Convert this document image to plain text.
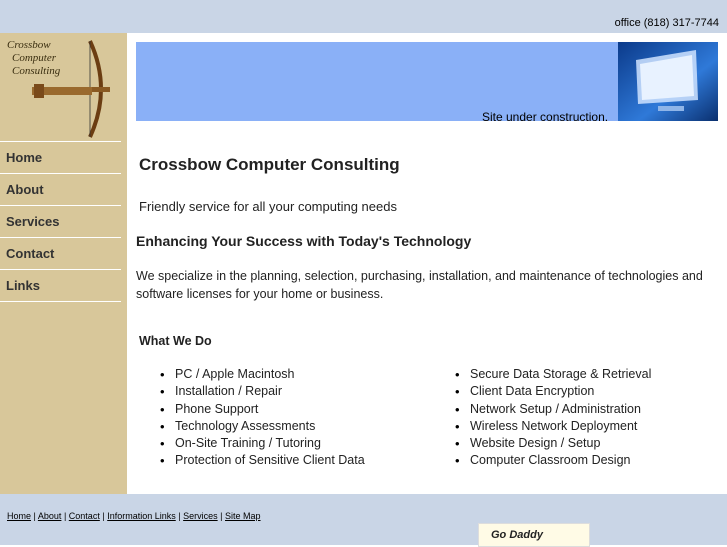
office (818) 317-7744
Crossbow
Computer
Consulting
Home
About
Services
Contact
Links
Site under construction.
Crossbow Computer Consulting
Friendly service for all your computing needs
Enhancing Your Success with Today's Technology
We specialize in the planning, selection, purchasing, installation, and maintenance of technologies and software licenses for your home or business.
What We Do
• PC / Apple Macintosh
• Installation / Repair
• Phone Support
• Technology Assessments
• On-Site Training / Tutoring
• Protection of Sensitive Client Data
• Secure Data Storage & Retrieval
• Client Data Encryption
• Network Setup / Administration
• Wireless Network Deployment
• Website Design / Setup
• Computer Classroom Design
Home | About | Contact | Information Links | Services | Site Map
Go Daddy
